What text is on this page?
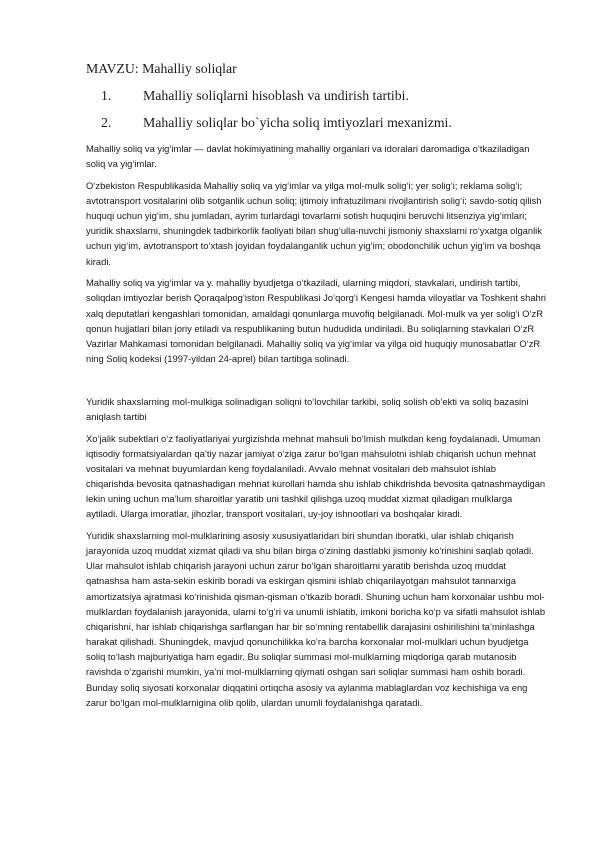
MAVZU: Mahalliy soliqlar

1.	Mahalliy soliqlarni hisoblash va undirish tartibi.
2.	Mahalliy soliqlar bo`yicha soliq imtiyozlari mexanizmi.

Mahalliy soliq va yig‘imlar — davlat hokimiyatining mahalliy organlari va idoralari daromadiga o‘tkaziladigan soliq va yig‘imlar.

O‘zbekiston Respublikasida Mahalliy soliq va yig‘imlar va yilga mol-mulk solig‘i; yer solig‘i; reklama solig‘i; avtotransport vositalarini olib sotganlik uchun soliq; ijtimoiy infratuzilmani rivojlantirish solig‘i; savdo-sotiq qilish huquqi uchun yig‘im, shu jumladan, ayrim turlardagi tovarlarni sotish huquqini beruvchi litsenziya yig‘imlari; yuridik shaxslarni, shuningdek tadbirkorlik faoliyati bilan shug‘ulla-nuvchi jismoniy shaxslarni ro‘yxatga olganlik uchun yig‘im, avtotransport to‘xtash joyidan foydalanganlik uchun yig‘im; obodonchilik uchun yig‘im va boshqa kiradi.

Mahalliy soliq va yig‘imlar va y. mahalliy byudjetga o‘tkaziladi, ularning miqdori, stavkalari, undirish tartibi, soliqdan imtiyozlar berish Qoraqalpog‘iston Respublikasi Jo‘qorg‘i Kengesi hamda viloyatlar va Toshkent shahri xalq deputatlari kengashlari tomonidan, amaldagi qonunlarga muvofiq belgilanadi. Mol-mulk va yer solig‘i O‘zR qonun hujjatlari bilan joriy etiladi va respublikaning butun hududida undiriladi. Bu soliqlarning stavkalari O‘zR Vazirlar Mahkamasi tomonidan belgilanadi. Mahalliy soliq va yig‘imlar va yilga oid huquqiy munosabatlar O‘zR ning Soliq kodeksi (1997-yildan 24-aprel) bilan tartibga solinadi.

Yuridik shaxslarning mol-mulkiga solinadigan soliqni to‘lovchilar tarkibi, soliq solish ob’ekti va soliq bazasini aniqlash tartibi

Xo‘jalik subektlari o‘z faoliyatlariyai yurgizishda mehnat mahsuli bo‘lmish mulkdan keng foydalanadi. Umuman iqtisodiy formatsiyalardan qa’tiy nazar jamiyat o‘ziga zarur bo‘lgan mahsulotni ishlab chiqarish uchun mehnat vositalari va mehnat buyumlardan keng foydalaniladi. Avvalo mehnat vositalari deb mahsulot ishlab chiqarishda bevosita qatnashadigan mehnat kurollari hamda shu ishlab chikdrishda bevosita qatnashmaydigan lekin uning uchun ma’lum sharoitlar yaratib uni tashkil qilishga uzoq muddat xizmat qiladigan mulklarga aytiladi. Ularga imoratlar, jihozlar, transport vositalari, uy-joy ishnootlari va boshqalar kiradi.

Yuridik shaxslarning mol-mulklarining asosiy xususiyatlaridan biri shundan iboratki, ular ishlab chiqarish jarayonida uzoq muddat xizmat qiladi va shu bilan birga o‘zining dastlabki jismoniy ko‘rinishini saqlab qoladi. Ular mahsulot ishlab chiqarish jarayoni uchun zarur bo‘lgan sharoitlarni yaratib berishda uzoq muddat qatnashsa ham asta-sekin eskirib boradi va eskirgan qismini ishlab chiqarilayotgan mahsulot tannarxiga amortizatsiya ajratmasi ko‘rinishida qisman-qisman o‘tkazib boradi. Shuning uchun ham korxonalar ushbu mol-mulklardan foydalanish jarayonida, ularni to‘g‘ri va unumli ishlatib, imkoni boricha ko‘p va sifatli mahsulot ishlab chiqarishni, har ishlab chiqarishga sarflangan har bir so‘mning rentabellik darajasini oshirilishini ta’minlashga harakat qilishadi. Shuningdek, mavjud qonunchilikka ko‘ra barcha korxonalar mol-mulklari uchun byudjetga soliq to‘lash majburiyatiga ham egadir. Bu soliqlar summasi mol-mulklarning miqdoriga qarab mutanosib ravishda o‘zgarishi mumkin, ya’ni mol-mulklarning qiymati oshgan sari soliqlar summasi ham oshib boradi. Bunday soliq siyosati korxonalar diqqatini ortiqcha asosiy va aylanma mablaglardan voz kechishiga va eng zarur bo‘lgan mol-mulklarnigina olib qolib, ulardan unumli foydalanishga qaratadi.
